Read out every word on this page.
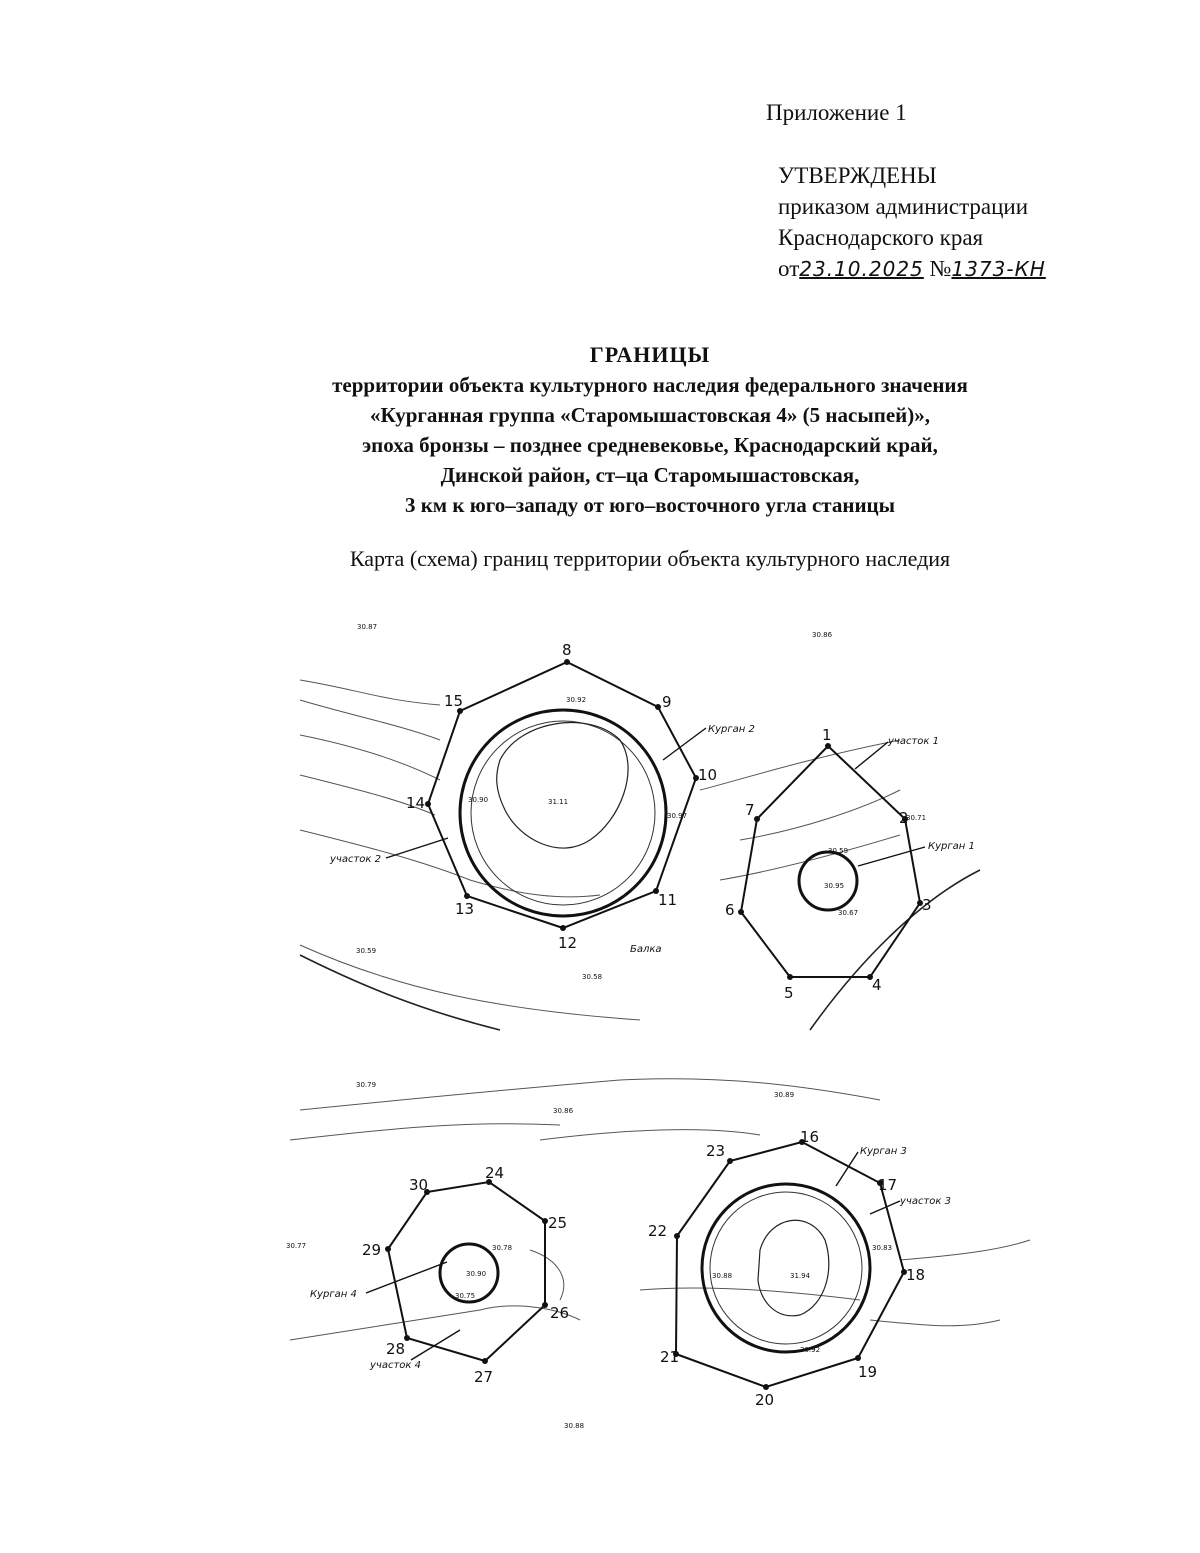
Приложение 1
УТВЕРЖДЕНЫ
приказом администрации
Краснодарского края
от23.10.2025 №1373-КН
ГРАНИЦЫ
территории объекта культурного наследия федерального значения
«Курганная группа «Старомышастовская 4» (5 насыпей)»,
эпоха бронзы – позднее средневековье, Краснодарский край,
Динской район, ст–ца Старомышастовская,
3 км к юго–западу от юго–восточного угла станицы
Карта (схема) границ территории объекта культурного наследия
1
2
3
4
5
6
7
8
9
10
11
12
13
14
15
16
17
18
19
20
21
22
23
24
25
26
27
28
29
30
Курган 1
Курган 2
Курган 3
Курган 4
участок 1
участок 2
участок 3
участок 4
Балка
30.87
30.86
30.92
30.71
30.59
30.95
30.67
30.90	31.11
30.97
30.59
30.58
30.79
30.86
30.89
30.77	30.78
30.90
30.75
30.83
30.88	31.94
30.92
30.88
